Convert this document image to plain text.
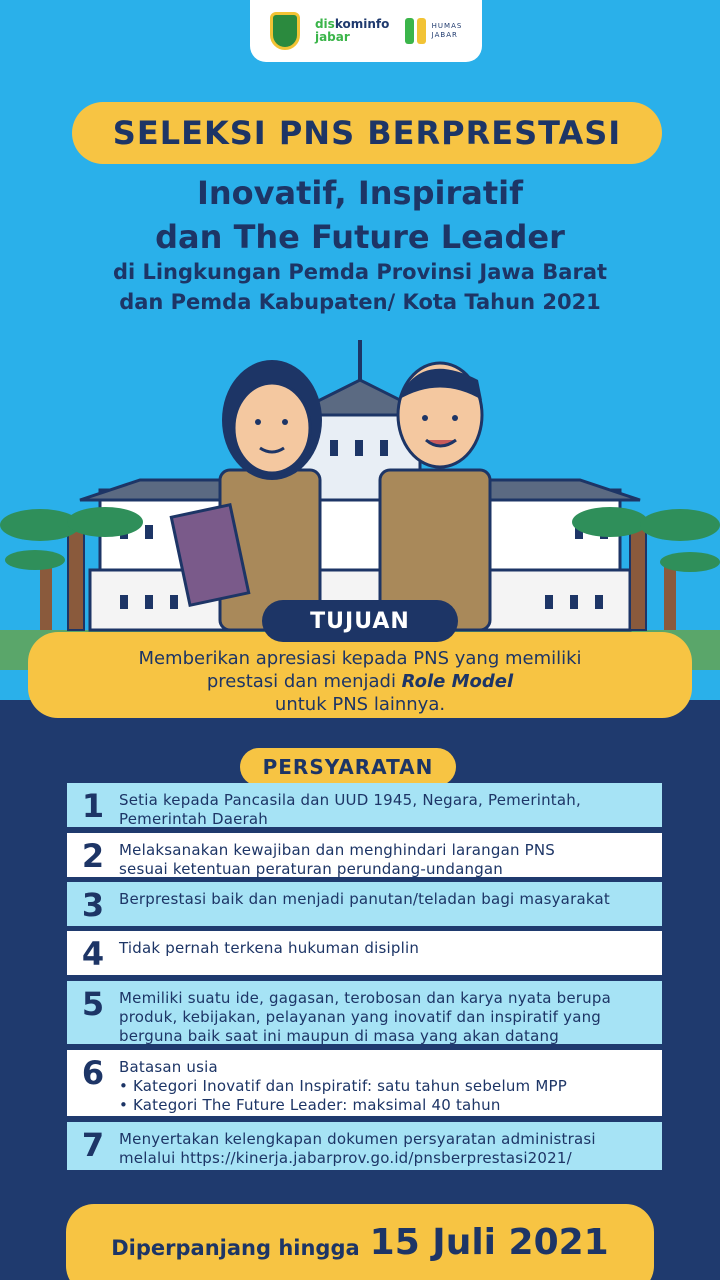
diskominfo
jabar
HUMAS
JABAR
SELEKSI PNS BERPRESTASI
Inovatif, Inspiratif
dan The Future Leader
di Lingkungan Pemda Provinsi Jawa Barat
dan Pemda Kabupaten/ Kota Tahun 2021
Memberikan apresiasi kepada PNS yang memiliki
prestasi dan menjadi Role Model
untuk PNS lainnya.
TUJUAN
PERSYARATAN
1 Setia kepada Pancasila dan UUD 1945, Negara, Pemerintah,
Pemerintah Daerah
2 Melaksanakan kewajiban dan menghindari larangan PNS
sesuai ketentuan peraturan perundang-undangan
3 Berprestasi baik dan menjadi panutan/teladan bagi masyarakat
4 Tidak pernah terkena hukuman disiplin
5 Memiliki suatu ide, gagasan, terobosan dan karya nyata berupa
produk, kebijakan, pelayanan yang inovatif dan inspiratif yang
berguna baik saat ini maupun di masa yang akan datang
6 Batasan usia
• Kategori Inovatif dan Inspiratif: satu tahun sebelum MPP
• Kategori The Future Leader: maksimal 40 tahun
7 Menyertakan kelengkapan dokumen persyaratan administrasi
melalui https://kinerja.jabarprov.go.id/pnsberprestasi2021/
Diperpanjang hingga 15 Juli 2021
